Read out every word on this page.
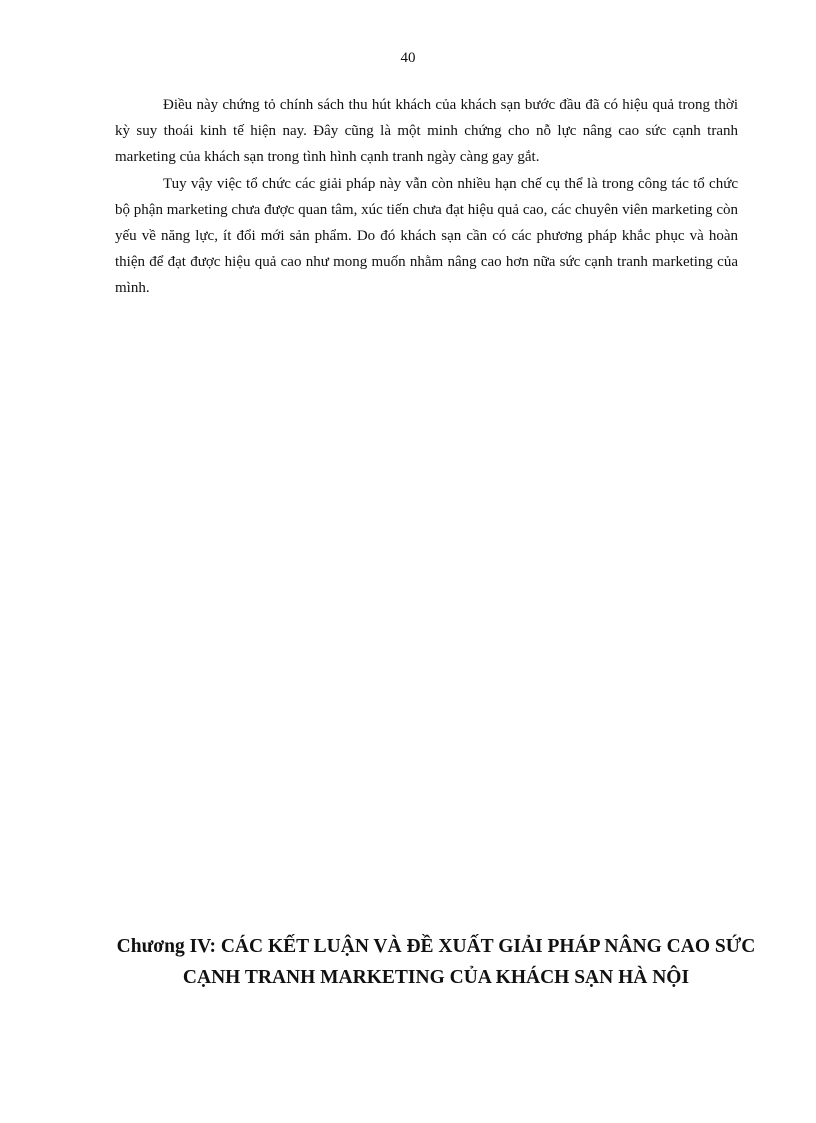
40

Điều này chứng tỏ chính sách thu hút khách của khách sạn bước đầu đã có hiệu quả trong thời kỳ suy thoái kinh tế hiện nay. Đây cũng là một minh chứng cho nỗ lực nâng cao sức cạnh tranh marketing của khách sạn trong tình hình cạnh tranh ngày càng gay gắt.

Tuy vậy việc tổ chức các giải pháp này vẫn còn nhiều hạn chế cụ thể là trong công tác tổ chức bộ phận marketing chưa được quan tâm, xúc tiến chưa đạt hiệu quả cao, các chuyên viên marketing còn yếu về năng lực, ít đổi mới sản phẩm. Do đó khách sạn cần có các phương pháp khắc phục và hoàn thiện để đạt được hiệu quả cao như mong muốn nhằm nâng cao hơn nữa sức cạnh tranh marketing của mình.

Chương IV: CÁC KẾT LUẬN VÀ ĐỀ XUẤT GIẢI PHÁP NÂNG CAO SỨC CẠNH TRANH MARKETING CỦA KHÁCH SẠN HÀ NỘI
